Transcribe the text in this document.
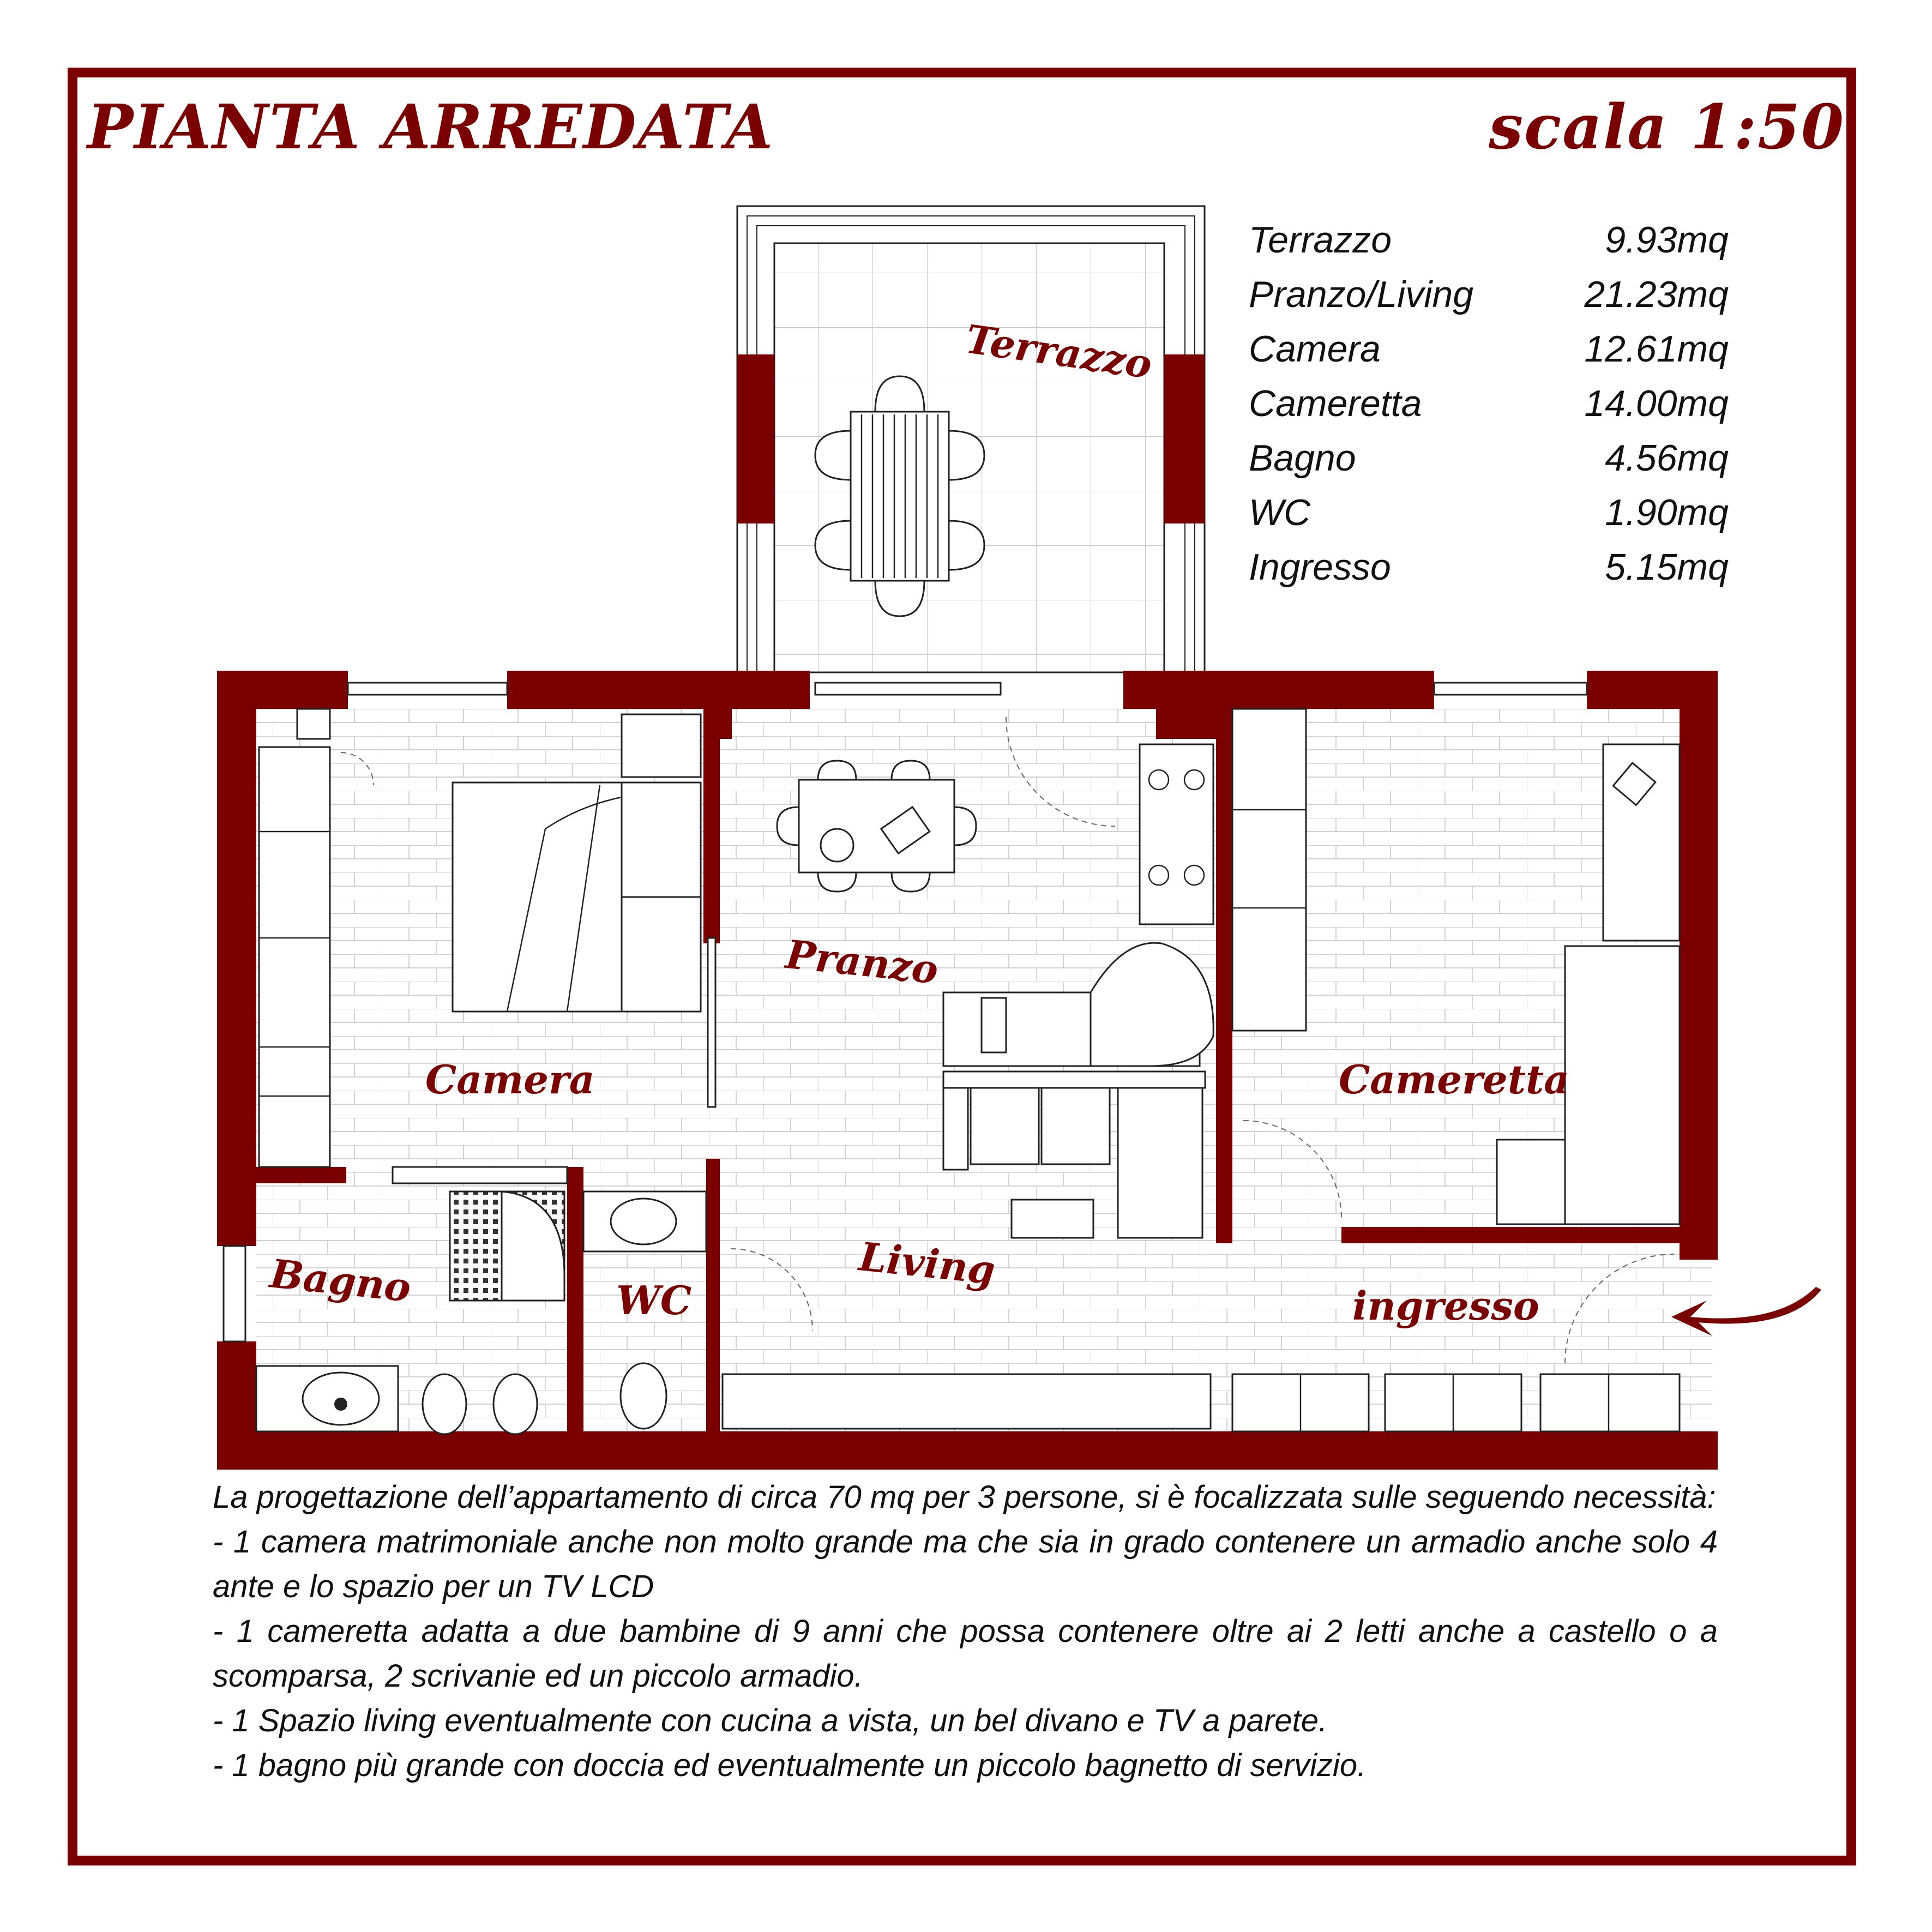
PIANTA ARREDATA	scala 1:50
Terrazzo	9.93mq
Pranzo/Living	21.23mq
Camera	12.61mq
Cameretta	14.00mq
Bagno	4.56mq
WC	1.90mq
Ingresso	5.15mq
Terrazzo
Pranzo
Camera	Cameretta
Bagno	WC
Living
ingresso

La progettazione dell’appartamento di circa 70 mq per 3 persone, si è focalizzata sulle seguendo necessità:

- 1 camera matrimoniale anche non molto grande ma che sia in grado contenere un armadio anche solo 4 ante e lo spazio per un TV LCD

- 1 cameretta adatta a due bambine di 9 anni che possa contenere oltre ai 2 letti anche a castello o a scomparsa, 2 scrivanie ed un piccolo armadio.

- 1 Spazio living eventualmente con cucina a vista, un bel divano e TV a parete.

- 1 bagno più grande con doccia ed eventualmente un piccolo bagnetto di servizio.
